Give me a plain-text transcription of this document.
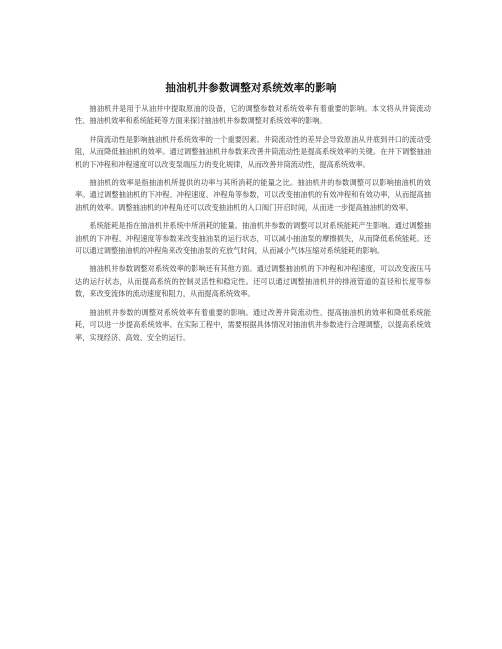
抽油机井参数调整对系统效率的影响

抽油机井是用于从油井中提取原油的设备，它的调整参数对系统效率有着重要的影响。本文将从井筒流动性、抽油机效率和系统能耗等方面来探讨抽油机井参数调整对系统效率的影响。

井筒流动性是影响抽油机井系统效率的一个重要因素。井筒流动性的差异会导致原油从井底到井口的流动受阻，从而降低抽油机的效率。通过调整抽油机井参数来改善井筒流动性是提高系统效率的关键。在井下调整抽油机的下冲程和冲程速度可以改变泵端压力的变化规律，从而改善井筒流动性，提高系统效率。

抽油机的效率是指抽油机所提供的功率与其所消耗的能量之比。抽油机井的参数调整可以影响抽油机的效率。通过调整抽油机的下冲程、冲程速度、冲程角等参数，可以改变抽油机的有效冲程和有效功率，从而提高抽油机的效率。调整抽油机的冲程角还可以改变抽油机的入口阀门开启时间，从而进一步提高抽油机的效率。

系统能耗是指在抽油机井系统中所消耗的能量。抽油机井参数的调整可以对系统能耗产生影响。通过调整抽油机的下冲程、冲程速度等参数来改变抽油泵的运行状态，可以减小抽油泵的摩擦损失，从而降低系统能耗。还可以通过调整抽油机的冲程角来改变抽油泵的充放气时间，从而减小气体压缩对系统能耗的影响。

抽油机井参数调整对系统效率的影响还有其他方面。通过调整抽油机的下冲程和冲程速度，可以改变液压马达的运行状态，从而提高系统的控制灵活性和稳定性。还可以通过调整抽油机井的排液管道的直径和长度等参数，来改变流体的流动速度和阻力，从而提高系统效率。

抽油机井参数的调整对系统效率有着重要的影响。通过改善井筒流动性、提高抽油机的效率和降低系统能耗，可以进一步提高系统效率。在实际工程中，需要根据具体情况对抽油机井参数进行合理调整，以提高系统效率，实现经济、高效、安全的运行。
